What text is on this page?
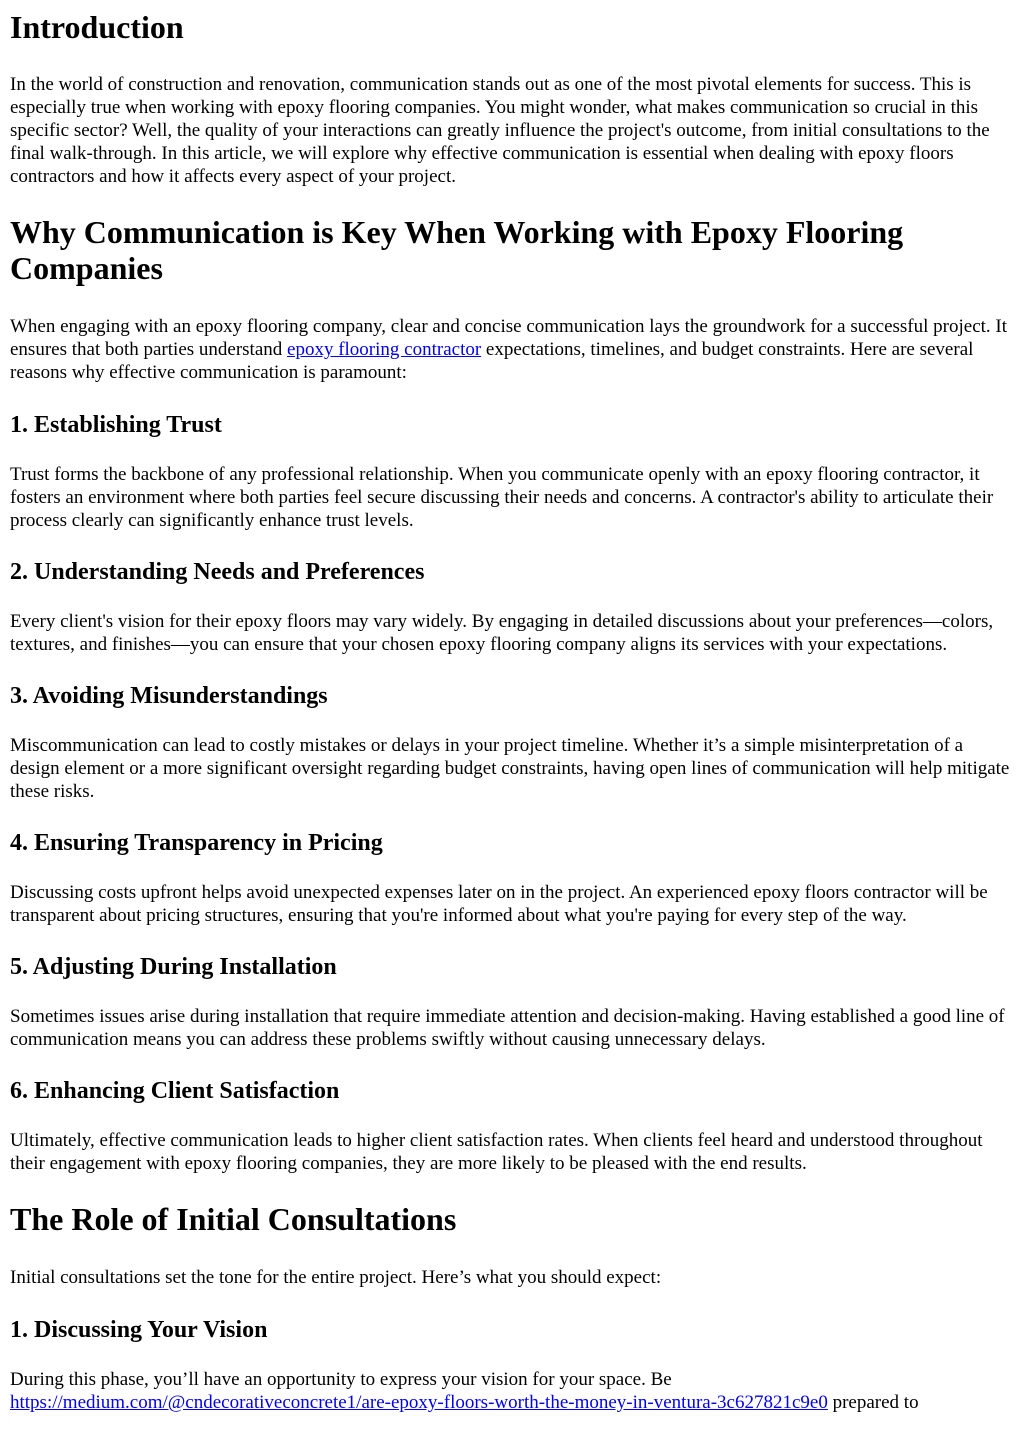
Introduction

In the world of construction and renovation, communication stands out as one of the most pivotal elements for success. This is especially true when working with epoxy flooring companies. You might wonder, what makes communication so crucial in this specific sector? Well, the quality of your interactions can greatly influence the project's outcome, from initial consultations to the final walk-through. In this article, we will explore why effective communication is essential when dealing with epoxy floors contractors and how it affects every aspect of your project.

Why Communication is Key When Working with Epoxy Flooring Companies

When engaging with an epoxy flooring company, clear and concise communication lays the groundwork for a successful project. It ensures that both parties understand epoxy flooring contractor expectations, timelines, and budget constraints. Here are several reasons why effective communication is paramount:

1. Establishing Trust

Trust forms the backbone of any professional relationship. When you communicate openly with an epoxy flooring contractor, it fosters an environment where both parties feel secure discussing their needs and concerns. A contractor's ability to articulate their process clearly can significantly enhance trust levels.

2. Understanding Needs and Preferences

Every client's vision for their epoxy floors may vary widely. By engaging in detailed discussions about your preferences—colors, textures, and finishes—you can ensure that your chosen epoxy flooring company aligns its services with your expectations.

3. Avoiding Misunderstandings

Miscommunication can lead to costly mistakes or delays in your project timeline. Whether it’s a simple misinterpretation of a design element or a more significant oversight regarding budget constraints, having open lines of communication will help mitigate these risks.

4. Ensuring Transparency in Pricing

Discussing costs upfront helps avoid unexpected expenses later on in the project. An experienced epoxy floors contractor will be transparent about pricing structures, ensuring that you're informed about what you're paying for every step of the way.

5. Adjusting During Installation

Sometimes issues arise during installation that require immediate attention and decision-making. Having established a good line of communication means you can address these problems swiftly without causing unnecessary delays.

6. Enhancing Client Satisfaction

Ultimately, effective communication leads to higher client satisfaction rates. When clients feel heard and understood throughout their engagement with epoxy flooring companies, they are more likely to be pleased with the end results.

The Role of Initial Consultations

Initial consultations set the tone for the entire project. Here’s what you should expect:

1. Discussing Your Vision

During this phase, you’ll have an opportunity to express your vision for your space. Be https://medium.com/@cndecorativeconcrete1/are-epoxy-floors-worth-the-money-in-ventura-3c627821c9e0 prepared to
